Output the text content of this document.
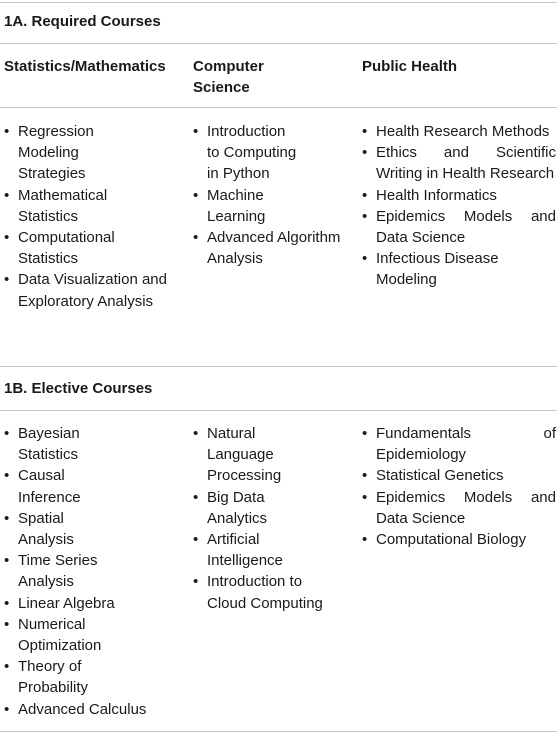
1A. Required Courses
Statistics/Mathematics Computer
Science
Public Health
• Regression Modeling Strategies
• Mathematical Statistics
• Computational Statistics
• Data Visualization and Exploratory Analysis
• Introduction to Computing in Python
• Machine Learning
• Advanced Algorithm Analysis
• Health Research Methods
• Ethics and Scientific Writing in Health Research
• Health Informatics
• Epidemics Models and Data Science
• Infectious Disease Modeling
1B. Elective Courses
• Bayesian Statistics
• Causal Inference
• Spatial Analysis
• Time Series Analysis
• Linear Algebra
• Numerical Optimization
• Theory of Probability
• Advanced Calculus
• Natural Language Processing
• Big Data Analytics
• Artificial Intelligence
• Introduction to Cloud Computing
• Fundamentals of Epidemiology
• Statistical Genetics
• Epidemics Models and Data Science
• Computational Biology
